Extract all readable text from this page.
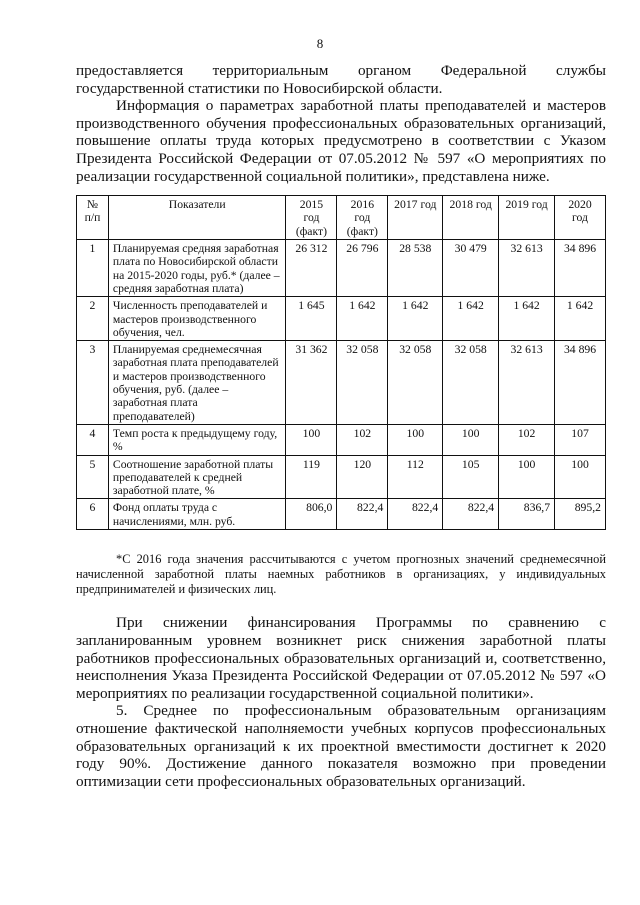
8

предоставляется территориальным органом Федеральной службы государственной статистики по Новосибирской области.

Информация о параметрах заработной платы преподавателей и мастеров производственного обучения профессиональных образовательных организаций, повышение оплаты труда которых предусмотрено в соответствии с Указом Президента Российской Федерации от 07.05.2012 № 597 «О мероприятиях по реализации государственной социальной политики», представлена ниже.

№ п/п	Показатели	2015 год (факт)	2016 год (факт)	2017 год	2018 год	2019 год	2020 год
1	Планируемая средняя заработная плата по Новосибирской области на 2015-2020 годы, руб.* (далее – средняя заработная плата)	26 312	26 796	28 538	30 479	32 613	34 896
2	Численность преподавателей и мастеров производственного обучения, чел.	1 645	1 642	1 642	1 642	1 642	1 642
3	Планируемая среднемесячная заработная плата преподавателей и мастеров производственного обучения, руб. (далее – заработная плата преподавателей)	31 362	32 058	32 058	32 058	32 613	34 896
4	Темп роста к предыдущему году, %	100	102	100	100	102	107
5	Соотношение заработной платы преподавателей к средней заработной плате, %	119	120	112	105	100	100
6	Фонд оплаты труда с начислениями, млн. руб.	806,0	822,4	822,4	822,4	836,7	895,2
*С 2016 года значения рассчитываются с учетом прогнозных значений среднемесячной начисленной заработной платы наемных работников в организациях, у индивидуальных предпринимателей и физических лиц.

При снижении финансирования Программы по сравнению с запланированным уровнем возникнет риск снижения заработной платы работников профессиональных образовательных организаций и, соответственно, неисполнения Указа Президента Российской Федерации от 07.05.2012 № 597 «О мероприятиях по реализации государственной социальной политики».

5. Среднее по профессиональным образовательным организациям отношение фактической наполняемости учебных корпусов профессиональных образовательных организаций к их проектной вместимости достигнет к 2020 году 90%. Достижение данного показателя возможно при проведении оптимизации сети профессиональных образовательных организаций.
